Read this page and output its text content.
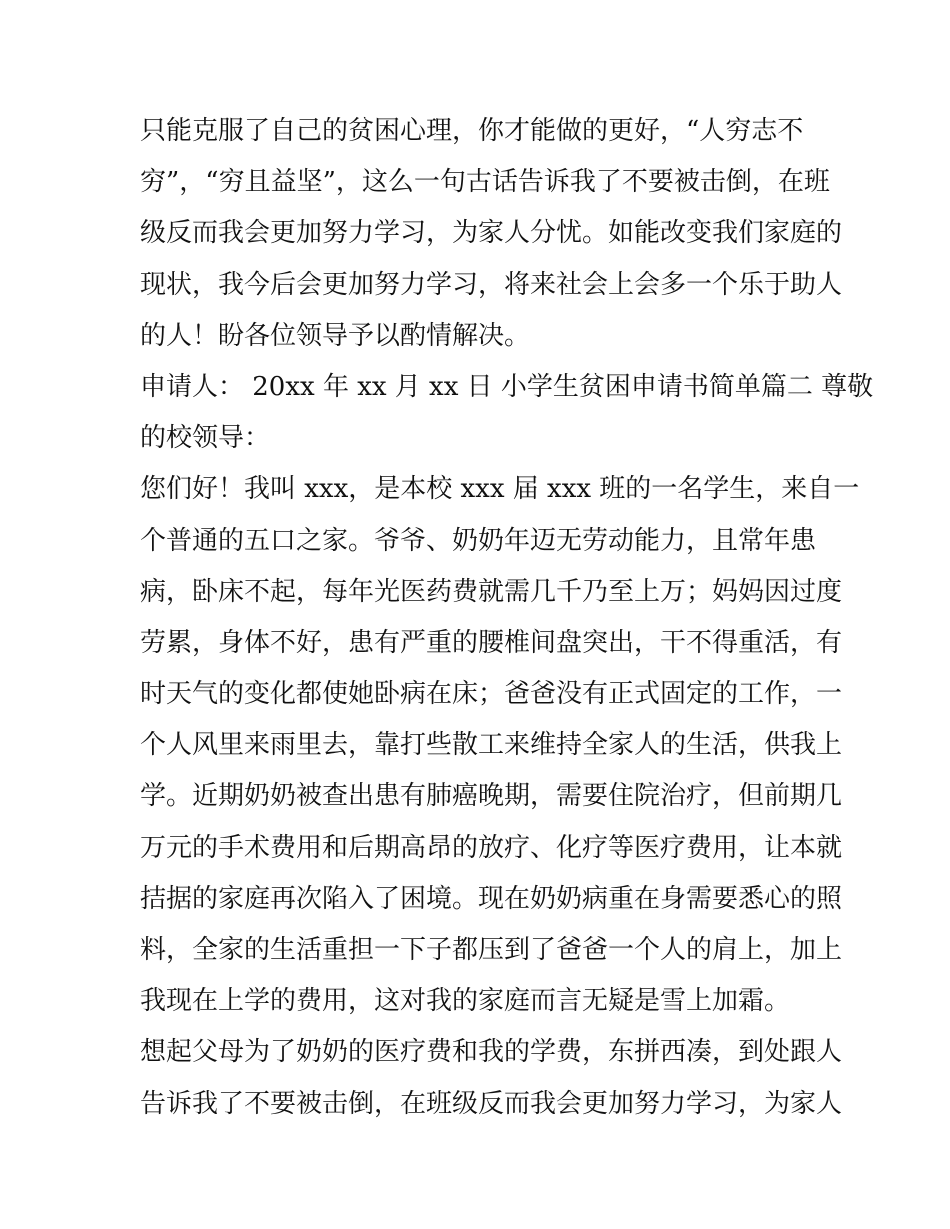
只能克服了自己的贫困心理，你才能做的更好，“人穷志不
穷”，“穷且益坚”，这么一句古话告诉我了不要被击倒，在班
级反而我会更加努力学习，为家人分忧。如能改变我们家庭的
现状，我今后会更加努力学习，将来社会上会多一个乐于助人
的人！盼各位领导予以酌情解决。
申请人： 20xx 年 xx 月 xx 日 小学生贫困申请书简单篇二 尊敬
的校领导：
您们好！我叫 xxx，是本校 xxx 届 xxx 班的一名学生，来自一
个普通的五口之家。爷爷、奶奶年迈无劳动能力，且常年患
病，卧床不起，每年光医药费就需几千乃至上万；妈妈因过度
劳累，身体不好，患有严重的腰椎间盘突出，干不得重活，有
时天气的变化都使她卧病在床；爸爸没有正式固定的工作，一
个人风里来雨里去，靠打些散工来维持全家人的生活，供我上
学。近期奶奶被查出患有肺癌晚期，需要住院治疗，但前期几
万元的手术费用和后期高昂的放疗、化疗等医疗费用，让本就
拮据的家庭再次陷入了困境。现在奶奶病重在身需要悉心的照
料，全家的生活重担一下子都压到了爸爸一个人的肩上，加上
我现在上学的费用，这对我的家庭而言无疑是雪上加霜。
想起父母为了奶奶的医疗费和我的学费，东拼西凑，到处跟人
告诉我了不要被击倒，在班级反而我会更加努力学习，为家人
